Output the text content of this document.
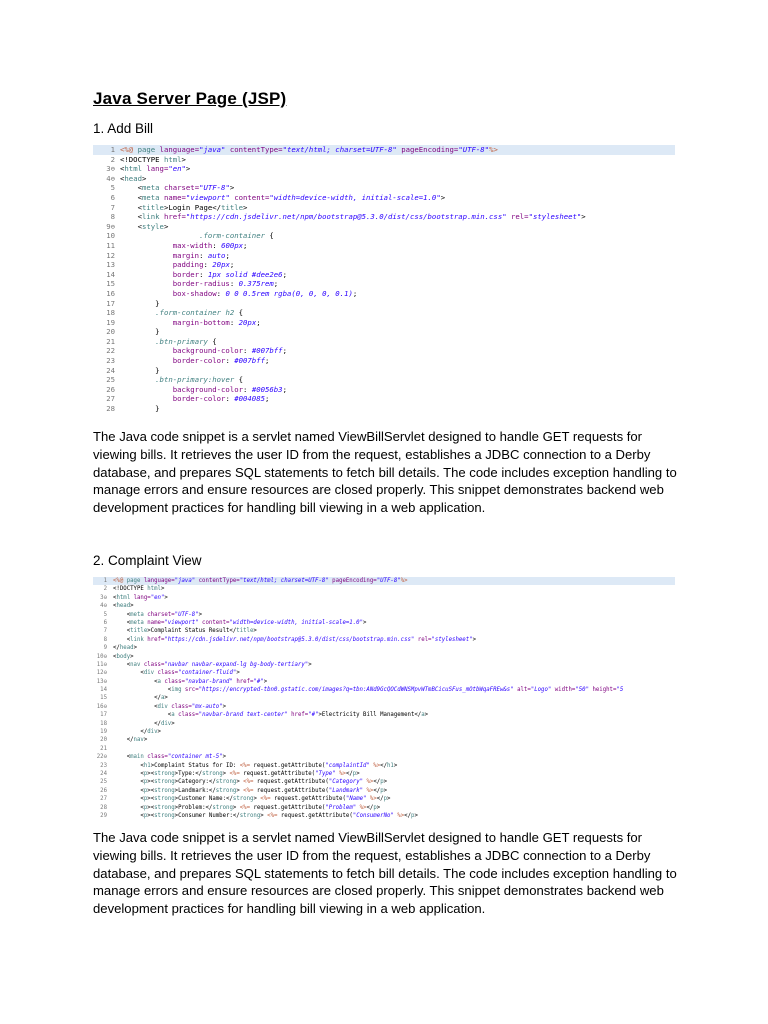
Java Server Page (JSP)
1. Add Bill
1 <%@ page language="java" contentType="text/html; charset=UTF-8" pageEncoding="UTF-8"%>
2 <!DOCTYPE html>
3⊖ <html lang="en">
4⊖ <head>
5 <meta charset="UTF-8">
6 <meta name="viewport" content="width=device-width, initial-scale=1.0">
7 <title>Login Page</title>
8 <link href="https://cdn.jsdelivr.net/npm/bootstrap@5.3.0/dist/css/bootstrap.min.css" rel="stylesheet">
9⊖ <style>
10	.form-container {
11	max-width: 600px;
12	margin: auto;
13	padding: 20px;
14	border: 1px solid #dee2e6;
15	border-radius: 0.375rem;
16	box-shadow: 0 0 0.5rem rgba(0, 0, 0, 0.1);
17 }
18	.form-container h2 {
19	margin-bottom: 20px;
20 }
21	.btn-primary {
22	background-color: #007bff;
23	border-color: #007bff;
24 }
25	.btn-primary:hover {
26	background-color: #0056b3;
27	border-color: #004085;
28 }
The Java code snippet is a servlet named ViewBillServlet designed to handle GET requests for viewing bills. It retrieves the user ID from the request, establishes a JDBC connection to a Derby database, and prepares SQL statements to fetch bill details. The code includes exception handling to manage errors and ensure resources are closed properly. This snippet demonstrates backend web development practices for handling bill viewing in a web application.
2. Complaint View
1 <%@ page language="java" contentType="text/html; charset=UTF-8" pageEncoding="UTF-8"%>
2 <!DOCTYPE html>
3⊖ <html lang="en">
4⊖ <head>
5 <meta charset="UTF-8">
6 <meta name="viewport" content="width=device-width, initial-scale=1.0">
7 <title>Complaint Status Result</title>
8 <link href="https://cdn.jsdelivr.net/npm/bootstrap@5.3.0/dist/css/bootstrap.min.css" rel="stylesheet">
9 </head>
10⊖ <body>
11⊖ <nav class="navbar navbar-expand-lg bg-body-tertiary">
12⊖ <div class="container-fluid">
13⊖ <a class="navbar-brand" href="#">
14 <img src="https://encrypted-tbn0.gstatic.com/images?q=tbn:ANd9GcQOCdWNSMpvWTmBCicuSFus_mOtbWqaFREw&s" alt="Logo" width="50" height="5
15 </a>
16⊖ <div class="mx-auto">
17 <a class="navbar-brand text-center" href="#">Electricity Bill Management</a>
18 </div>
19 </div>
20 </nav>
21

22⊖ <main class="container mt-5">
23 <h1>Complaint Status for ID: <%= request.getAttribute("complaintId" %></h1>
24 <p><strong>Type:</strong> <%= request.getAttribute("Type" %></p>
25 <p><strong>Category:</strong> <%= request.getAttribute("Category" %></p>
26 <p><strong>Landmark:</strong> <%= request.getAttribute("Landmark" %></p>
27 <p><strong>Customer Name:</strong> <%= request.getAttribute("Name" %></p>
28 <p><strong>Problem:</strong> <%= request.getAttribute("Problem" %></p>
29 <p><strong>Consumer Number:</strong> <%= request.getAttribute("ConsumerNo" %></p>

The Java code snippet is a servlet named ViewBillServlet designed to handle GET requests for viewing bills. It retrieves the user ID from the request, establishes a JDBC connection to a Derby database, and prepares SQL statements to fetch bill details. The code includes exception handling to manage errors and ensure resources are closed properly. This snippet demonstrates backend web development practices for handling bill viewing in a web application.
